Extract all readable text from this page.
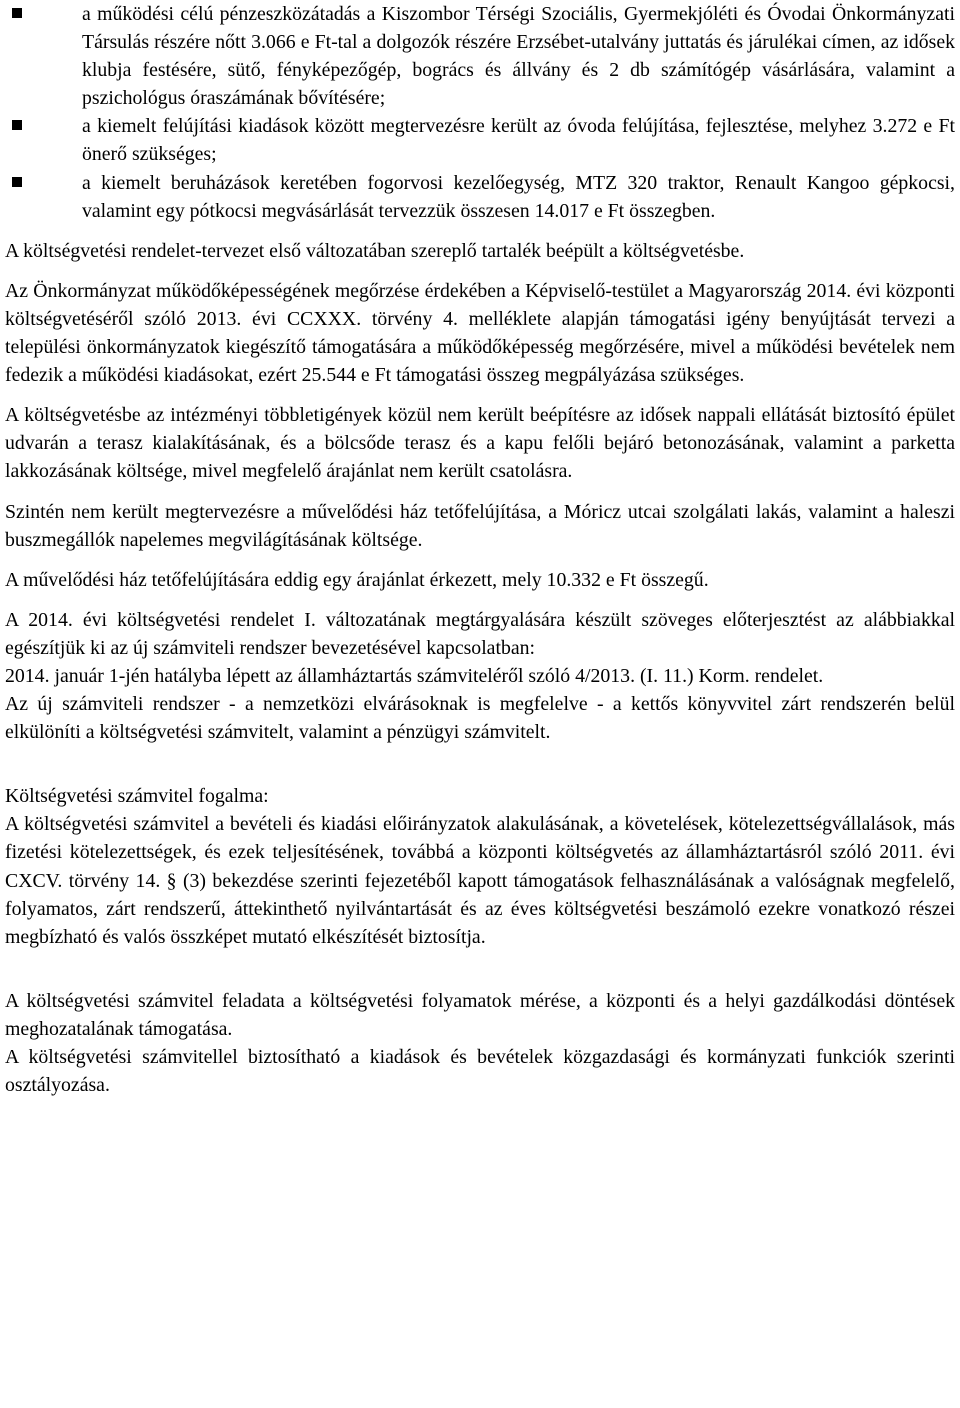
a működési célú pénzeszközátadás a Kiszombor Térségi Szociális, Gyermekjóléti és Óvodai Önkormányzati Társulás részére nőtt 3.066 e Ft-tal a dolgozók részére Erzsébet-utalvány juttatás és járulékai címen, az idősek klubja festésére, sütő, fényképezőgép, bogrács és állvány és 2 db számítógép vásárlására, valamint a pszichológus óraszámának bővítésére;
a kiemelt felújítási kiadások között megtervezésre került az óvoda felújítása, fejlesztése, melyhez 3.272 e Ft önerő szükséges;
a kiemelt beruházások keretében fogorvosi kezelőegység, MTZ 320 traktor, Renault Kangoo gépkocsi, valamint egy pótkocsi megvásárlását tervezzük összesen 14.017 e Ft összegben.

A költségvetési rendelet-tervezet első változatában szereplő tartalék beépült a költségvetésbe.

Az Önkormányzat működőképességének megőrzése érdekében a Képviselő-testület a Magyarország 2014. évi központi költségvetéséről szóló 2013. évi CCXXX. törvény 4. melléklete alapján támogatási igény benyújtását tervezi a települési önkormányzatok kiegészítő támogatására a működőképesség megőrzésére, mivel a működési bevételek nem fedezik a működési kiadásokat, ezért 25.544 e Ft támogatási összeg megpályázása szükséges.

A költségvetésbe az intézményi többletigények közül nem került beépítésre az idősek nappali ellátását biztosító épület udvarán a terasz kialakításának, és a bölcsőde terasz és a kapu felőli bejáró betonozásának, valamint a parketta lakkozásának költsége, mivel megfelelő árajánlat nem került csatolásra.

Szintén nem került megtervezésre a művelődési ház tetőfelújítása, a Móricz utcai szolgálati lakás, valamint a haleszi buszmegállók napelemes megvilágításának költsége.

A művelődési ház tetőfelújítására eddig egy árajánlat érkezett, mely 10.332 e Ft összegű.

A 2014. évi költségvetési rendelet I. változatának megtárgyalására készült szöveges előterjesztést az alábbiakkal egészítjük ki az új számviteli rendszer bevezetésével kapcsolatban:

2014. január 1-jén hatályba lépett az államháztartás számviteléről szóló 4/2013. (I. 11.) Korm. rendelet.

Az új számviteli rendszer - a nemzetközi elvárásoknak is megfelelve - a kettős könyvvitel zárt rendszerén belül elkülöníti a költségvetési számvitelt, valamint a pénzügyi számvitelt.

Költségvetési számvitel fogalma:

A költségvetési számvitel a bevételi és kiadási előirányzatok alakulásának, a követelések, kötelezettségvállalások, más fizetési kötelezettségek, és ezek teljesítésének, továbbá a központi költségvetés az államháztartásról szóló 2011. évi CXCV. törvény 14. § (3) bekezdése szerinti fejezetéből kapott támogatások felhasználásának a valóságnak megfelelő, folyamatos, zárt rendszerű, áttekinthető nyilvántartását és az éves költségvetési beszámoló ezekre vonatkozó részei megbízható és valós összképet mutató elkészítését biztosítja.

A költségvetési számvitel feladata a költségvetési folyamatok mérése, a központi és a helyi gazdálkodási döntések meghozatalának támogatása.

A költségvetési számvitellel biztosítható a kiadások és bevételek közgazdasági és kormányzati funkciók szerinti osztályozása.
